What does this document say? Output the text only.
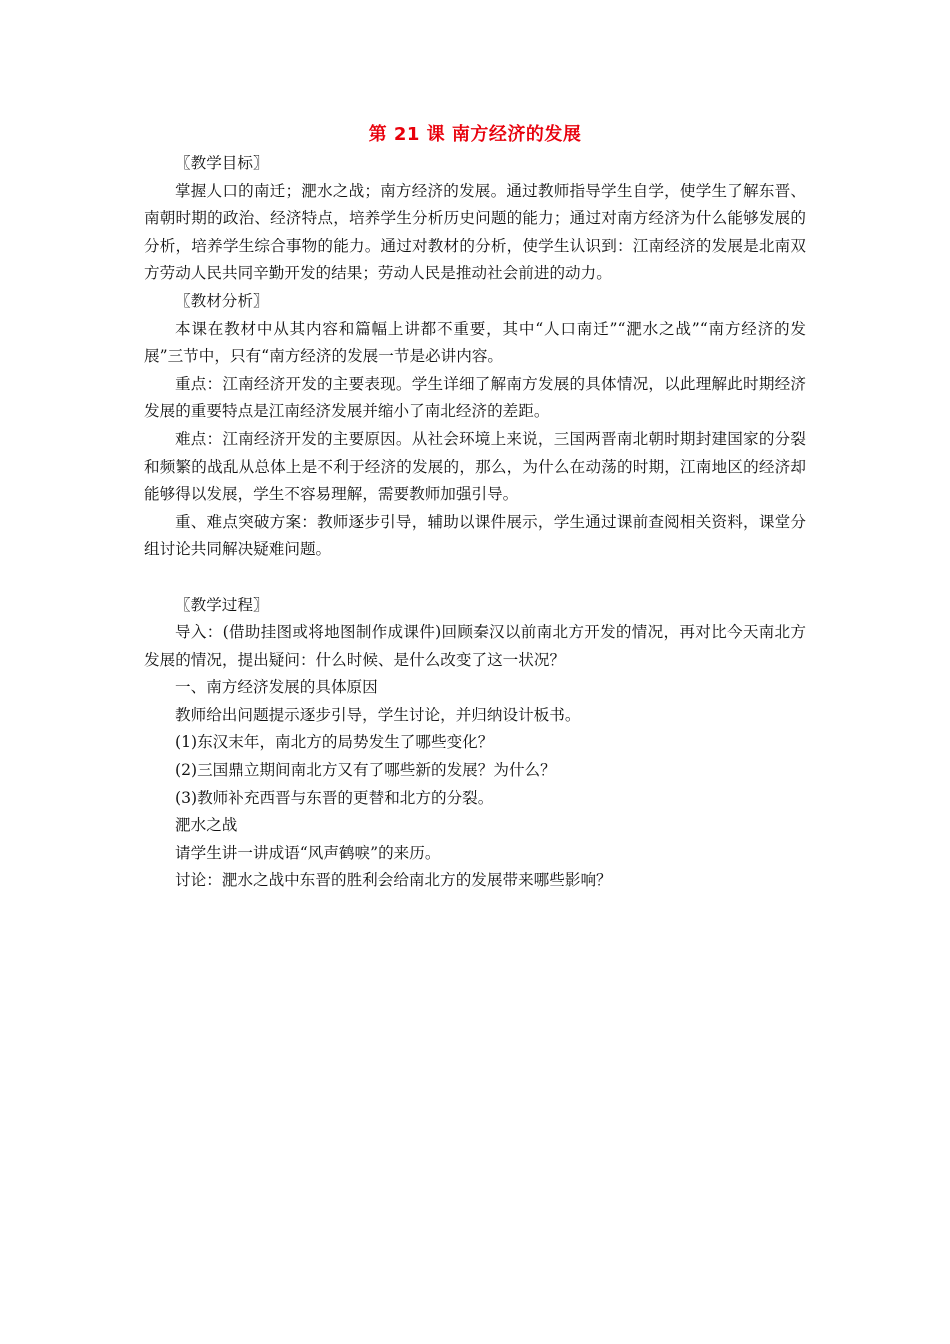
第 21 课 南方经济的发展

〖教学目标〗

掌握人口的南迁；淝水之战；南方经济的发展。通过教师指导学生自学，使学生了解东晋、南朝时期的政治、经济特点，培养学生分析历史问题的能力；通过对南方经济为什么能够发展的分析，培养学生综合事物的能力。通过对教材的分析，使学生认识到：江南经济的发展是北南双方劳动人民共同辛勤开发的结果；劳动人民是推动社会前进的动力。

〖教材分析〗

本课在教材中从其内容和篇幅上讲都不重要，其中“人口南迁”“淝水之战”“南方经济的发展”三节中，只有“南方经济的发展一节是必讲内容。

重点：江南经济开发的主要表现。学生详细了解南方发展的具体情况，以此理解此时期经济发展的重要特点是江南经济发展并缩小了南北经济的差距。

难点：江南经济开发的主要原因。从社会环境上来说，三国两晋南北朝时期封建国家的分裂和频繁的战乱从总体上是不利于经济的发展的，那么，为什么在动荡的时期，江南地区的经济却能够得以发展，学生不容易理解，需要教师加强引导。

重、难点突破方案：教师逐步引导，辅助以课件展示，学生通过课前查阅相关资料，课堂分组讨论共同解决疑难问题。

〖教学过程〗

导入：(借助挂图或将地图制作成课件)回顾秦汉以前南北方开发的情况，再对比今天南北方发展的情况，提出疑问：什么时候、是什么改变了这一状况？

一、南方经济发展的具体原因

教师给出问题提示逐步引导，学生讨论，并归纳设计板书。

(1)东汉末年，南北方的局势发生了哪些变化？

(2)三国鼎立期间南北方又有了哪些新的发展？为什么？

(3)教师补充西晋与东晋的更替和北方的分裂。

淝水之战

请学生讲一讲成语“风声鹤唳”的来历。

讨论：淝水之战中东晋的胜利会给南北方的发展带来哪些影响？
